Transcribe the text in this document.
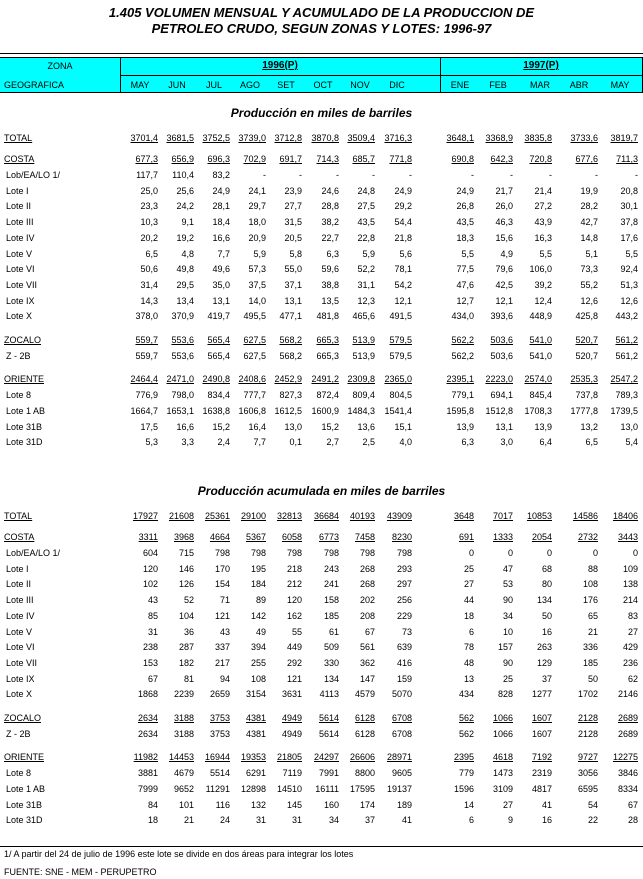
1.405 VOLUMEN MENSUAL Y ACUMULADO DE LA PRODUCCION DE
PETROLEO CRUDO, SEGUN ZONAS Y LOTES: 1996-97
ZONA
GEOGRAFICA
1996(P)	1997(P)
MAY	JUN	JUL	AGO	SET	OCT	NOV	DIC	ENE	FEB	MAR	ABR	MAY
Producción en miles de barriles
TOTAL	3701,4 3681,5 3752,5 3739,0 3712,8	3870,8 3509,4	3716,3	3648,1	3368,9	3835,8	3733,6	3819,7
COSTA	677,3	656,9	696,3	702,9	691,7	714,3	685,7	771,8	690,8	642,3	720,8	677,6	711,3
Lob/EA/LO 1/	117,7	110,4	83,2	-	-	-	-	-	-	-	-	-	-
Lote I	25,0	25,6	24,9	24,1	23,9	24,6	24,8	24,9	24,9	21,7	21,4	19,9	20,8
Lote II	23,3	24,2	28,1	29,7	27,7	28,8	27,5	29,2	26,8	26,0	27,2	28,2	30,1
Lote III	10,3	9,1	18,4	18,0	31,5	38,2	43,5	54,4	43,5	46,3	43,9	42,7	37,8
Lote IV	20,2	19,2	16,6	20,9	20,5	22,7	22,8	21,8	18,3	15,6	16,3	14,8	17,6
Lote V	6,5	4,8	7,7	5,9	5,8	6,3	5,9	5,6	5,5	4,9	5,5	5,1	5,5
Lote VI	50,6	49,8	49,6	57,3	55,0	59,6	52,2	78,1	77,5	79,6	106,0	73,3	92,4
Lote VII	31,4	29,5	35,0	37,5	37,1	38,8	31,1	54,2	47,6	42,5	39,2	55,2	51,3
Lote IX	14,3	13,4	13,1	14,0	13,1	13,5	12,3	12,1	12,7	12,1	12,4	12,6	12,6
Lote X	378,0	370,9	419,7	495,5	477,1	481,8	465,6	491,5	434,0	393,6	448,9	425,8	443,2
ZOCALO	559,7	553,6	565,4	627,5	568,2	665,3	513,9	579,5	562,2	503,6	541,0	520,7	561,2
Z - 2B	559,7	553,6	565,4	627,5	568,2	665,3	513,9	579,5	562,2	503,6	541,0	520,7	561,2
ORIENTE	2464,4 2471,0 2490,8 2408,6 2452,9	2491,2 2309,8	2365,0	2395,1	2223,0	2574,0	2535,3	2547,2
Lote 8	776,9	798,0	834,4	777,7	827,3	872,4	809,4	804,5	779,1	694,1	845,4	737,8	789,3
Lote 1 AB	1664,7 1653,1 1638,8 1606,8 1612,5	1600,9 1484,3	1541,4	1595,8	1512,8	1708,3	1777,8	1739,5
Lote 31B	17,5	16,6	15,2	16,4	13,0	15,2	13,6	15,1	13,9	13,1	13,9	13,2	13,0
Lote 31D	5,3	3,3	2,4	7,7	0,1	2,7	2,5	4,0	6,3	3,0	6,4	6,5	5,4
Producción acumulada en miles de barriles
TOTAL	17927	21608	25361	29100	32813	36684	40193	43909	3648	7017	10853	14586	18406
COSTA	3311	3968	4664	5367	6058	6773	7458	8230	691	1333	2054	2732	3443
Lob/EA/LO 1/	604	715	798	798	798	798	798	798	0	0	0	0	0
Lote I	120	146	170	195	218	243	268	293	25	47	68	88	109
Lote II	102	126	154	184	212	241	268	297	27	53	80	108	138
Lote III	43	52	71	89	120	158	202	256	44	90	134	176	214
Lote IV	85	104	121	142	162	185	208	229	18	34	50	65	83
Lote V	31	36	43	49	55	61	67	73	6	10	16	21	27
Lote VI	238	287	337	394	449	509	561	639	78	157	263	336	429
Lote VII	153	182	217	255	292	330	362	416	48	90	129	185	236
Lote IX	67	81	94	108	121	134	147	159	13	25	37	50	62
Lote X	1868	2239	2659	3154	3631	4113	4579	5070	434	828	1277	1702	2146
ZOCALO	2634	3188	3753	4381	4949	5614	6128	6708	562	1066	1607	2128	2689
Z - 2B	2634	3188	3753	4381	4949	5614	6128	6708	562	1066	1607	2128	2689
ORIENTE	11982	14453	16944	19353	21805	24297	26606	28971	2395	4618	7192	9727	12275
Lote 8	3881	4679	5514	6291	7119	7991	8800	9605	779	1473	2319	3056	3846
Lote 1 AB	7999	9652	11291	12898	14510	16111	17595	19137	1596	3109	4817	6595	8334
Lote 31B	84	101	116	132	145	160	174	189	14	27	41	54	67
Lote 31D	18	21	24	31	31	34	37	41	6	9	16	22	28
1/ A partir del 24 de julio de 1996 este lote se divide en dos áreas para integrar los lotes
FUENTE: SNE - MEM - PERUPETRO
